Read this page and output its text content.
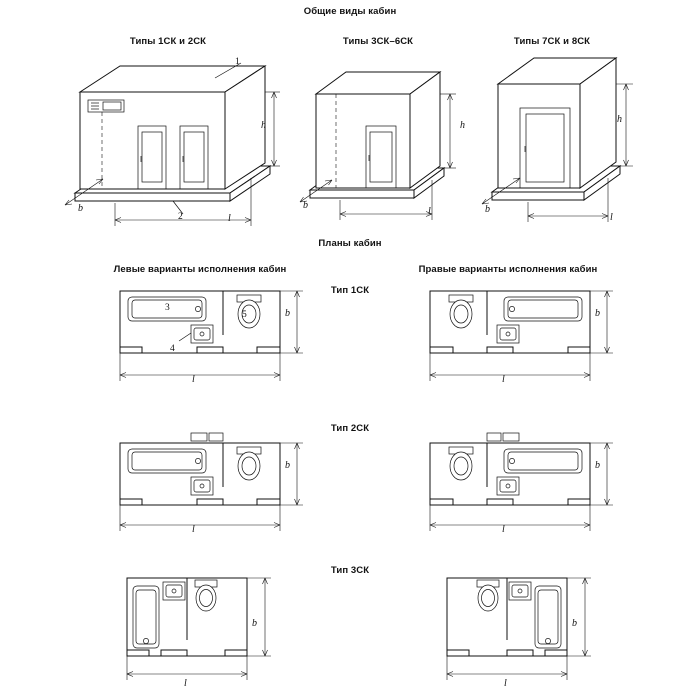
Общие виды кабин
Планы кабин
Типы 1СК и 2СК	Типы 3СК–6СК	Типы 7СК и 8СК
Левые варианты исполнения кабин	Правые варианты исполнения кабин
Тип 1СК
Тип 2СК
Тип 3СК
1
2
h
b
l
h
b
l
h
b
l
3
4
5	b
l
b
l
b
l
b
l
b
l
b
l
